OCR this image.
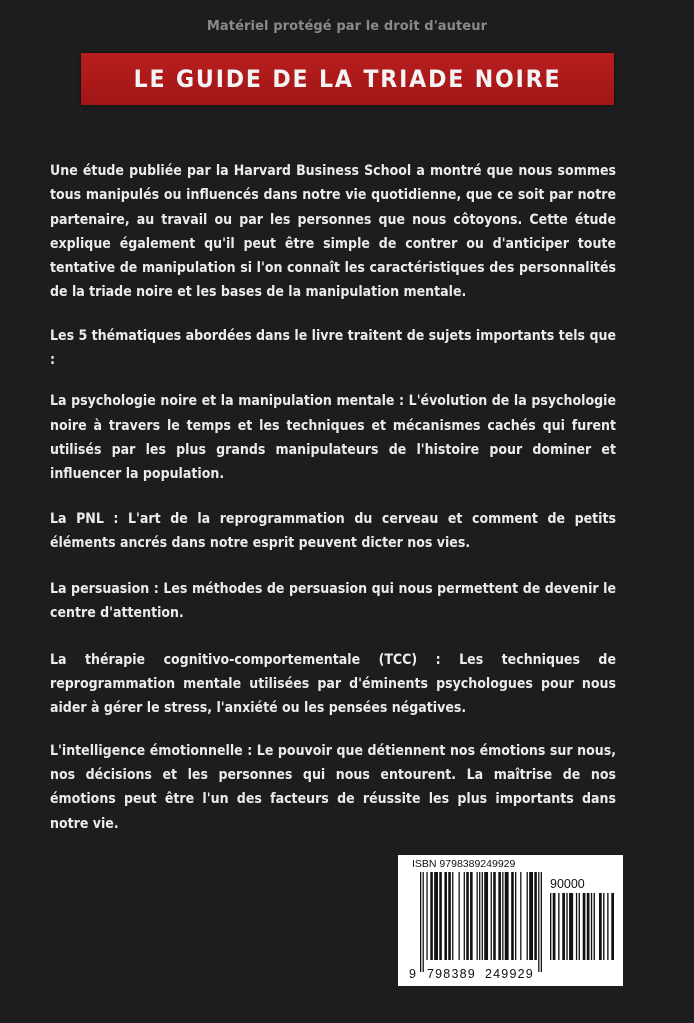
Matériel protégé par le droit d'auteur
LE GUIDE DE LA TRIADE NOIRE

Une étude publiée par la Harvard Business School a montré que nous sommes tous manipulés ou influencés dans notre vie quotidienne, que ce soit par notre partenaire, au travail ou par les personnes que nous côtoyons. Cette étude explique également qu'il peut être simple de contrer ou d'anticiper toute tentative de manipulation si l'on connaît les caractéristiques des personnalités de la triade noire et les bases de la manipulation mentale.

Les 5 thématiques abordées dans le livre traitent de sujets importants tels que :

La psychologie noire et la manipulation mentale : L'évolution de la psychologie noire à travers le temps et les techniques et mécanismes cachés qui furent utilisés par les plus grands manipulateurs de l'histoire pour dominer et influencer la population.

La PNL : L'art de la reprogrammation du cerveau et comment de petits éléments ancrés dans notre esprit peuvent dicter nos vies.

La persuasion : Les méthodes de persuasion qui nous permettent de devenir le centre d'attention.

La thérapie cognitivo-comportementale (TCC) : Les techniques de reprogrammation mentale utilisées par d'éminents psychologues pour nous aider à gérer le stress, l'anxiété ou les pensées négatives.

L'intelligence émotionnelle : Le pouvoir que détiennent nos émotions sur nous, nos décisions et les personnes qui nous entourent. La maîtrise de nos émotions peut être l'un des facteurs de réussite les plus importants dans notre vie.

ISBN 9798389249929
90000
9 798389 249929
